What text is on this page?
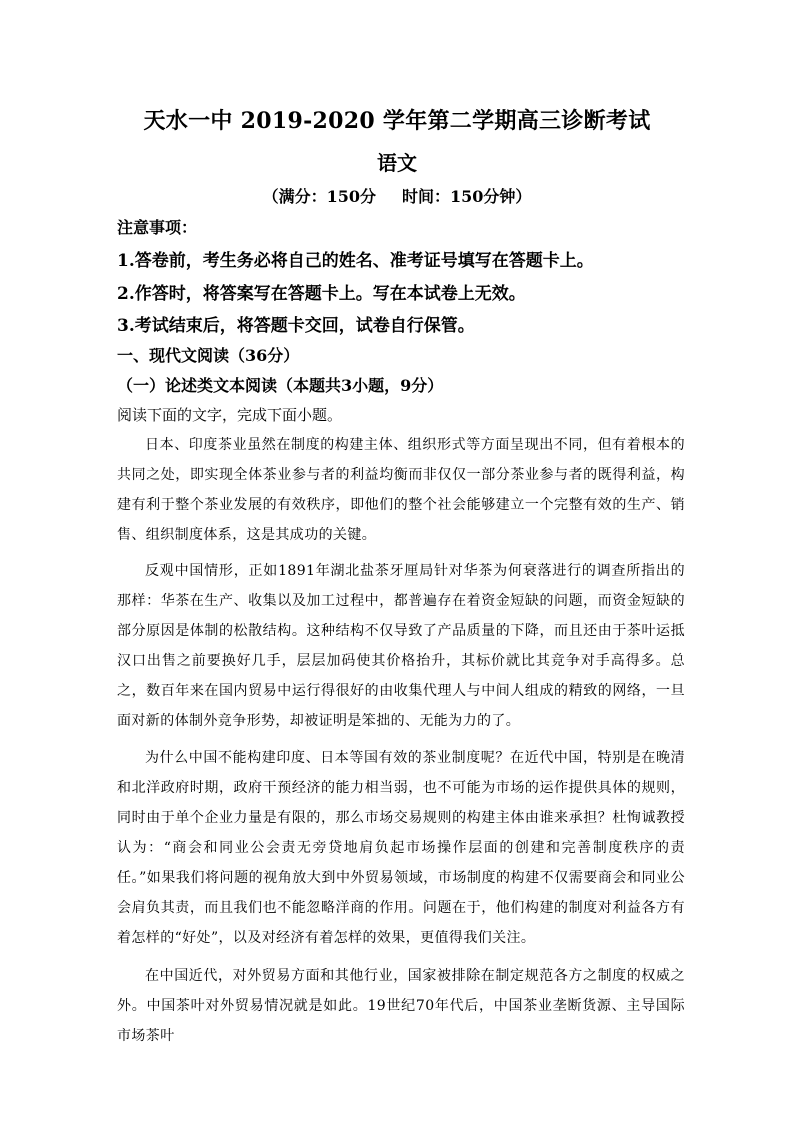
天水一中 2019-2020 学年第二学期高三诊断考试
语文
（满分：150分 时间：150分钟）
注意事项：
1.答卷前，考生务必将自己的姓名、准考证号填写在答题卡上。
2.作答时，将答案写在答题卡上。写在本试卷上无效。
3.考试结束后，将答题卡交回，试卷自行保管。
一、现代文阅读（36分）
（一）论述类文本阅读（本题共3小题，9分）
阅读下面的文字，完成下面小题。

日本、印度茶业虽然在制度的构建主体、组织形式等方面呈现出不同，但有着根本的共同之处，即实现全体茶业参与者的利益均衡而非仅仅一部分茶业参与者的既得利益，构建有利于整个茶业发展的有效秩序，即他们的整个社会能够建立一个完整有效的生产、销售、组织制度体系，这是其成功的关键。

反观中国情形，正如1891年湖北盐茶牙厘局针对华茶为何衰落进行的调查所指出的那样：华茶在生产、收集以及加工过程中，都普遍存在着资金短缺的问题，而资金短缺的部分原因是体制的松散结构。这种结构不仅导致了产品质量的下降，而且还由于茶叶运抵汉口出售之前要换好几手，层层加码使其价格抬升，其标价就比其竞争对手高得多。总之，数百年来在国内贸易中运行得很好的由收集代理人与中间人组成的精致的网络，一旦面对新的体制外竞争形势，却被证明是笨拙的、无能为力的了。

为什么中国不能构建印度、日本等国有效的茶业制度呢？在近代中国，特别是在晚清和北洋政府时期，政府干预经济的能力相当弱，也不可能为市场的运作提供具体的规则，同时由于单个企业力量是有限的，那么市场交易规则的构建主体由谁来承担？杜恂诚教授认为：“商会和同业公会责无旁贷地肩负起市场操作层面的创建和完善制度秩序的责任。”如果我们将问题的视角放大到中外贸易领域，市场制度的构建不仅需要商会和同业公会肩负其责，而且我们也不能忽略洋商的作用。问题在于，他们构建的制度对利益各方有着怎样的“好处”，以及对经济有着怎样的效果，更值得我们关注。

在中国近代，对外贸易方面和其他行业，国家被排除在制定规范各方之制度的权威之外。中国茶叶对外贸易情况就是如此。19世纪70年代后，中国茶业垄断货源、主导国际市场茶叶
